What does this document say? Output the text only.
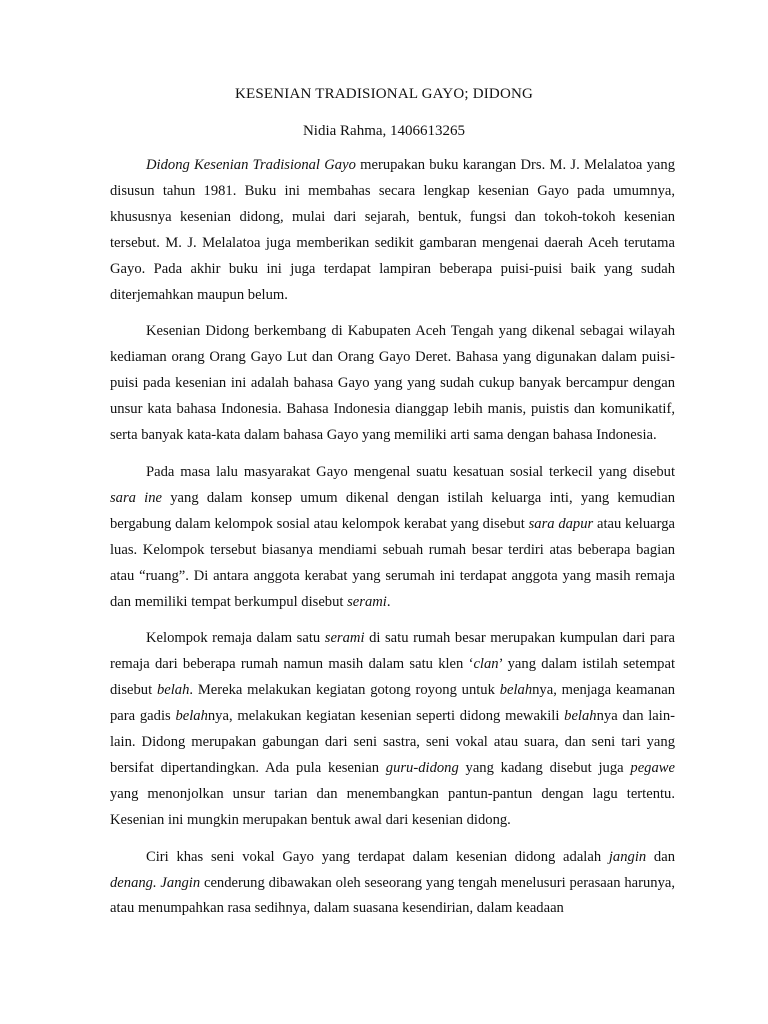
KESENIAN TRADISIONAL GAYO; DIDONG
Nidia Rahma, 1406613265

Didong Kesenian Tradisional Gayo merupakan buku karangan Drs. M. J. Melalatoa yang disusun tahun 1981. Buku ini membahas secara lengkap kesenian Gayo pada umumnya, khususnya kesenian didong, mulai dari sejarah, bentuk, fungsi dan tokoh-tokoh kesenian tersebut. M. J. Melalatoa juga memberikan sedikit gambaran mengenai daerah Aceh terutama Gayo. Pada akhir buku ini juga terdapat lampiran beberapa puisi-puisi baik yang sudah diterjemahkan maupun belum.

Kesenian Didong berkembang di Kabupaten Aceh Tengah yang dikenal sebagai wilayah kediaman orang Orang Gayo Lut dan Orang Gayo Deret. Bahasa yang digunakan dalam puisi-puisi pada kesenian ini adalah bahasa Gayo yang yang sudah cukup banyak bercampur dengan unsur kata bahasa Indonesia. Bahasa Indonesia dianggap lebih manis, puistis dan komunikatif, serta banyak kata-kata dalam bahasa Gayo yang memiliki arti sama dengan bahasa Indonesia.

Pada masa lalu masyarakat Gayo mengenal suatu kesatuan sosial terkecil yang disebut sara ine yang dalam konsep umum dikenal dengan istilah keluarga inti, yang kemudian bergabung dalam kelompok sosial atau kelompok kerabat yang disebut sara dapur atau keluarga luas. Kelompok tersebut biasanya mendiami sebuah rumah besar terdiri atas beberapa bagian atau “ruang”. Di antara anggota kerabat yang serumah ini terdapat anggota yang masih remaja dan memiliki tempat berkumpul disebut serami.

Kelompok remaja dalam satu serami di satu rumah besar merupakan kumpulan dari para remaja dari beberapa rumah namun masih dalam satu klen ‘clan’ yang dalam istilah setempat disebut belah. Mereka melakukan kegiatan gotong royong untuk belahnya, menjaga keamanan para gadis belahnya, melakukan kegiatan kesenian seperti didong mewakili belahnya dan lain-lain. Didong merupakan gabungan dari seni sastra, seni vokal atau suara, dan seni tari yang bersifat dipertandingkan. Ada pula kesenian guru-didong yang kadang disebut juga pegawe yang menonjolkan unsur tarian dan menembangkan pantun-pantun dengan lagu tertentu. Kesenian ini mungkin merupakan bentuk awal dari kesenian didong.

Ciri khas seni vokal Gayo yang terdapat dalam kesenian didong adalah jangin dan denang. Jangin cenderung dibawakan oleh seseorang yang tengah menelusuri perasaan harunya, atau menumpahkan rasa sedihnya, dalam suasana kesendirian, dalam keadaan
